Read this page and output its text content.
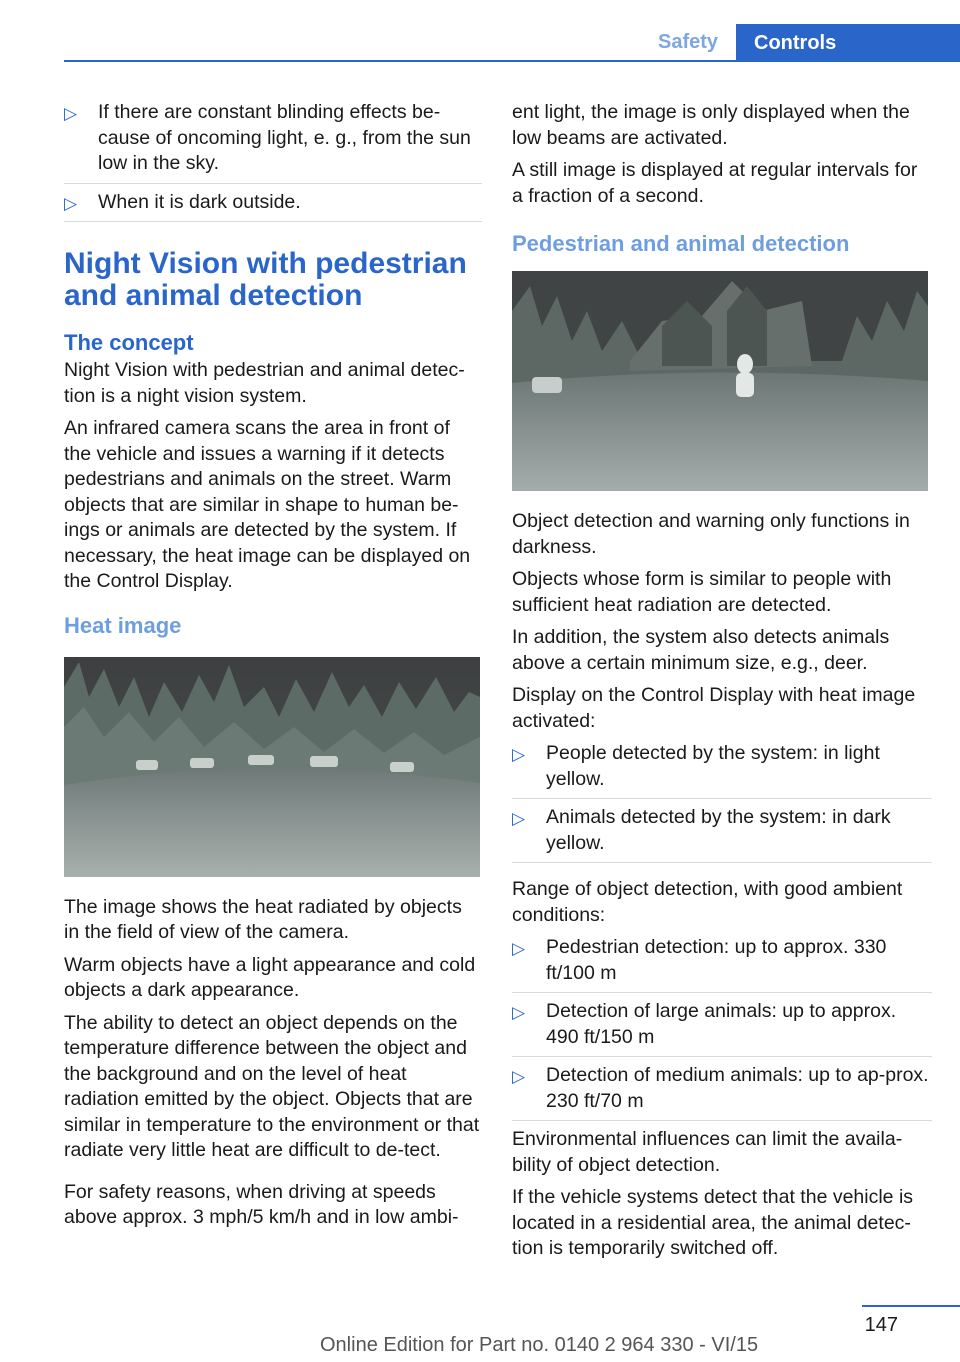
Safety	Controls
▷ If there are constant blinding effects be-cause of oncoming light, e. g., from the sun low in the sky.
▷ When it is dark outside.
Night Vision with pedestrian and animal detection
The concept

Night Vision with pedestrian and animal detec-tion is a night vision system.

An infrared camera scans the area in front of the vehicle and issues a warning if it detects pedestrians and animals on the street. Warm objects that are similar in shape to human be-ings or animals are detected by the system. If necessary, the heat image can be displayed on the Control Display.

Heat image

The image shows the heat radiated by objects in the field of view of the camera.

Warm objects have a light appearance and cold objects a dark appearance.

The ability to detect an object depends on the temperature difference between the object and the background and on the level of heat radiation emitted by the object. Objects that are similar in temperature to the environment or that radiate very little heat are difficult to de-tect.

For safety reasons, when driving at speeds above approx. 3 mph/5 km/h and in low ambi-

ent light, the image is only displayed when the low beams are activated.

A still image is displayed at regular intervals for a fraction of a second.

Pedestrian and animal detection

Object detection and warning only functions in darkness.

Objects whose form is similar to people with sufficient heat radiation are detected.

In addition, the system also detects animals above a certain minimum size, e.g., deer.

Display on the Control Display with heat image activated:

▷ People detected by the system: in light yellow.
▷ Animals detected by the system: in dark yellow.

Range of object detection, with good ambient conditions:

▷ Pedestrian detection: up to approx. 330 ft/100 m
▷ Detection of large animals: up to approx. 490 ft/150 m
▷ Detection of medium animals: up to ap-prox. 230 ft/70 m

Environmental influences can limit the availa-bility of object detection.

If the vehicle systems detect that the vehicle is located in a residential area, the animal detec-tion is temporarily switched off.

147
Online Edition for Part no. 0140 2 964 330 - VI/15
